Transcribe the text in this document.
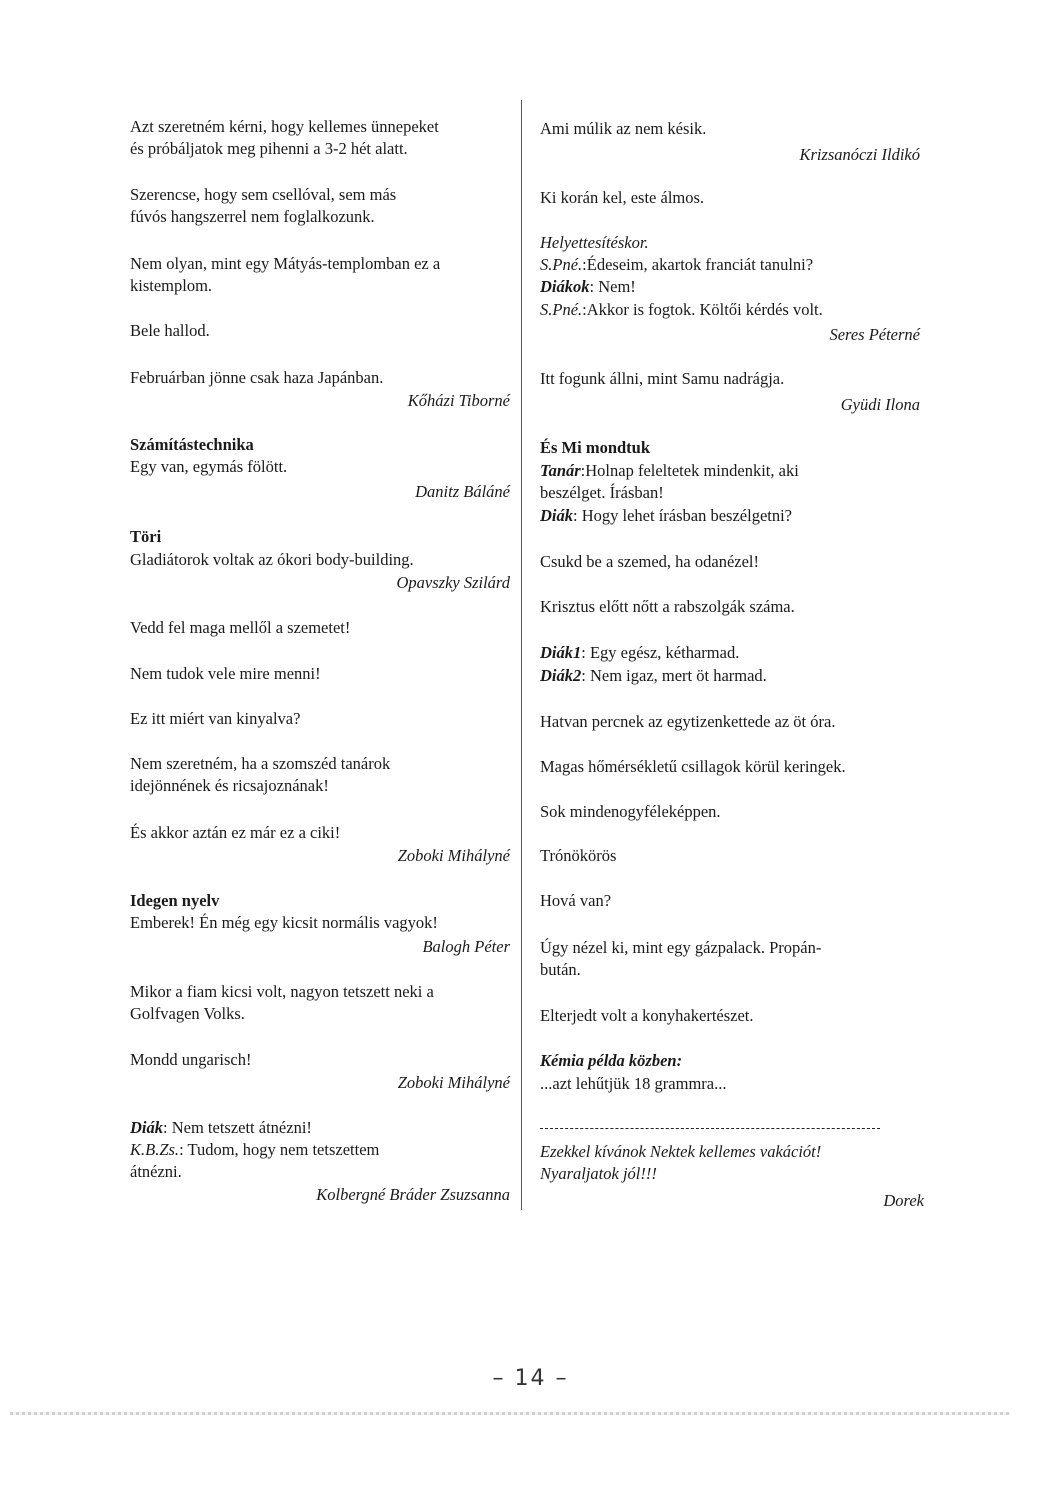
Azt szeretném kérni, hogy kellemes ünnepeket
és próbáljatok meg pihenni a 3-2 hét alatt.
Szerencse, hogy sem csellóval, sem más
fúvós hangszerrel nem foglalkozunk.
Nem olyan, mint egy Mátyás-templomban ez a
kistemplom.
Bele hallod.
Februárban jönne csak haza Japánban.
Kőházi Tiborné
Számítástechnika
Egy van, egymás fölött.
Danitz Báláné
Töri
Gladiátorok voltak az ókori body-building.
Opavszky Szilárd
Vedd fel maga mellől a szemetet!
Nem tudok vele mire menni!
Ez itt miért van kinyalva?
Nem szeretném, ha a szomszéd tanárok
idejönnének és ricsajoznának!
És akkor aztán ez már ez a ciki!
Zoboki Mihályné
Idegen nyelv
Emberek! Én még egy kicsit normális vagyok!
Balogh Péter
Mikor a fiam kicsi volt, nagyon tetszett neki a
Golfvagen Volks.
Mondd ungarisch!
Zoboki Mihályné
Diák: Nem tetszett átnézni!
K.B.Zs.: Tudom, hogy nem tetszettem
átnézni.
Kolbergné Bráder Zsuzsanna
Ami múlik az nem késik.
Krizsanóczi Ildikó
Ki korán kel, este álmos.
Helyettesítéskor.
S.Pné.:Édeseim, akartok franciát tanulni?
Diákok: Nem!
S.Pné.:Akkor is fogtok. Költői kérdés volt.
Seres Péterné
Itt fogunk állni, mint Samu nadrágja.
Gyüdi Ilona
És Mi mondtuk
Tanár:Holnap feleltetek mindenkit, aki
beszélget. Írásban!
Diák: Hogy lehet írásban beszélgetni?
Csukd be a szemed, ha odanézel!
Krisztus előtt nőtt a rabszolgák száma.
Diák1: Egy egész, kétharmad.
Diák2: Nem igaz, mert öt harmad.
Hatvan percnek az egytizenkettede az öt óra.
Magas hőmérsékletű csillagok körül keringek.
Sok mindenogyféleképpen.
Trónökörös
Hová van?
Úgy nézel ki, mint egy gázpalack. Propán-
bután.
Elterjedt volt a konyhakertészet.
Kémia példa közben:
...azt lehűtjük 18 grammra...
Ezekkel kívánok Nektek kellemes vakációt!
Nyaraljatok jól!!!
Dorek
– 14 –
